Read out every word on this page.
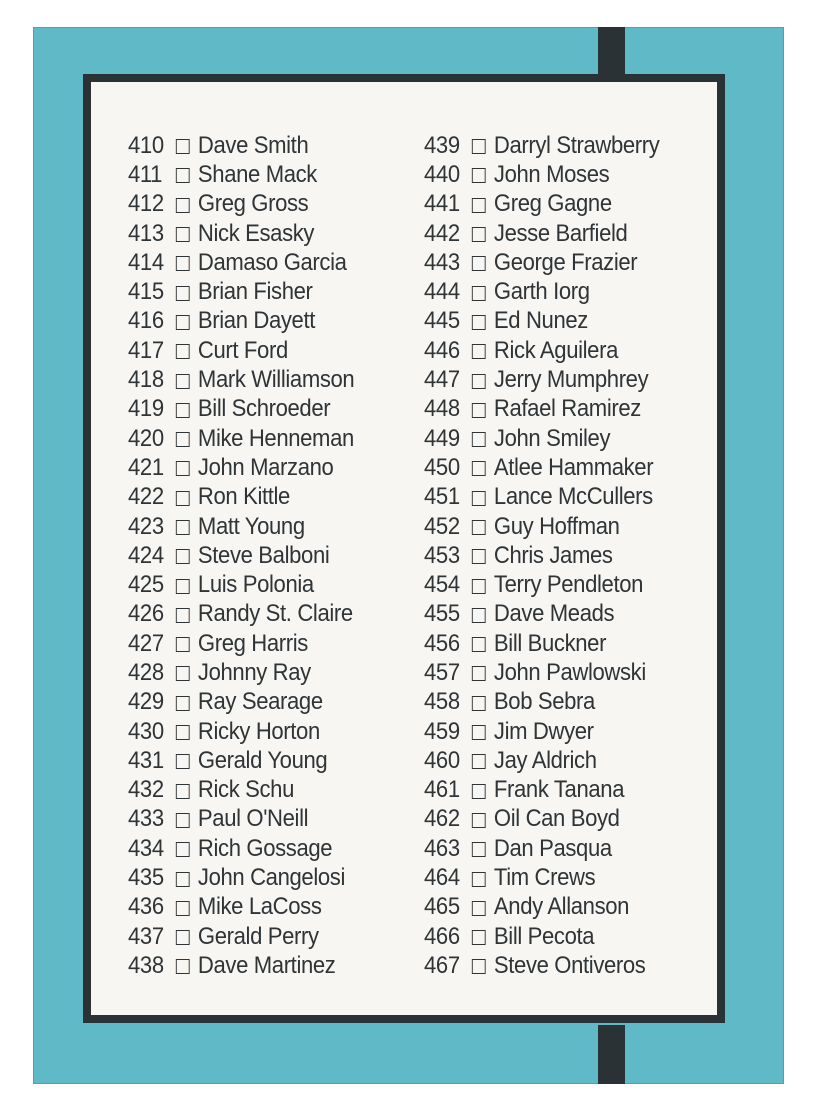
410	Dave Smith
411	Shane Mack
412	Greg Gross
413	Nick Esasky
414	Damaso Garcia
415	Brian Fisher
416	Brian Dayett
417	Curt Ford
418	Mark Williamson
419	Bill Schroeder
420	Mike Henneman
421	John Marzano
422	Ron Kittle
423	Matt Young
424	Steve Balboni
425	Luis Polonia
426	Randy St. Claire
427	Greg Harris
428	Johnny Ray
429	Ray Searage
430	Ricky Horton
431	Gerald Young
432	Rick Schu
433	Paul O'Neill
434	Rich Gossage
435	John Cangelosi
436	Mike LaCoss
437	Gerald Perry
438	Dave Martinez
439	Darryl Strawberry
440	John Moses
441	Greg Gagne
442	Jesse Barfield
443	George Frazier
444	Garth Iorg
445	Ed Nunez
446	Rick Aguilera
447	Jerry Mumphrey
448	Rafael Ramirez
449	John Smiley
450	Atlee Hammaker
451	Lance McCullers
452	Guy Hoffman
453	Chris James
454	Terry Pendleton
455	Dave Meads
456	Bill Buckner
457	John Pawlowski
458	Bob Sebra
459	Jim Dwyer
460	Jay Aldrich
461	Frank Tanana
462	Oil Can Boyd
463	Dan Pasqua
464	Tim Crews
465	Andy Allanson
466	Bill Pecota
467	Steve Ontiveros
